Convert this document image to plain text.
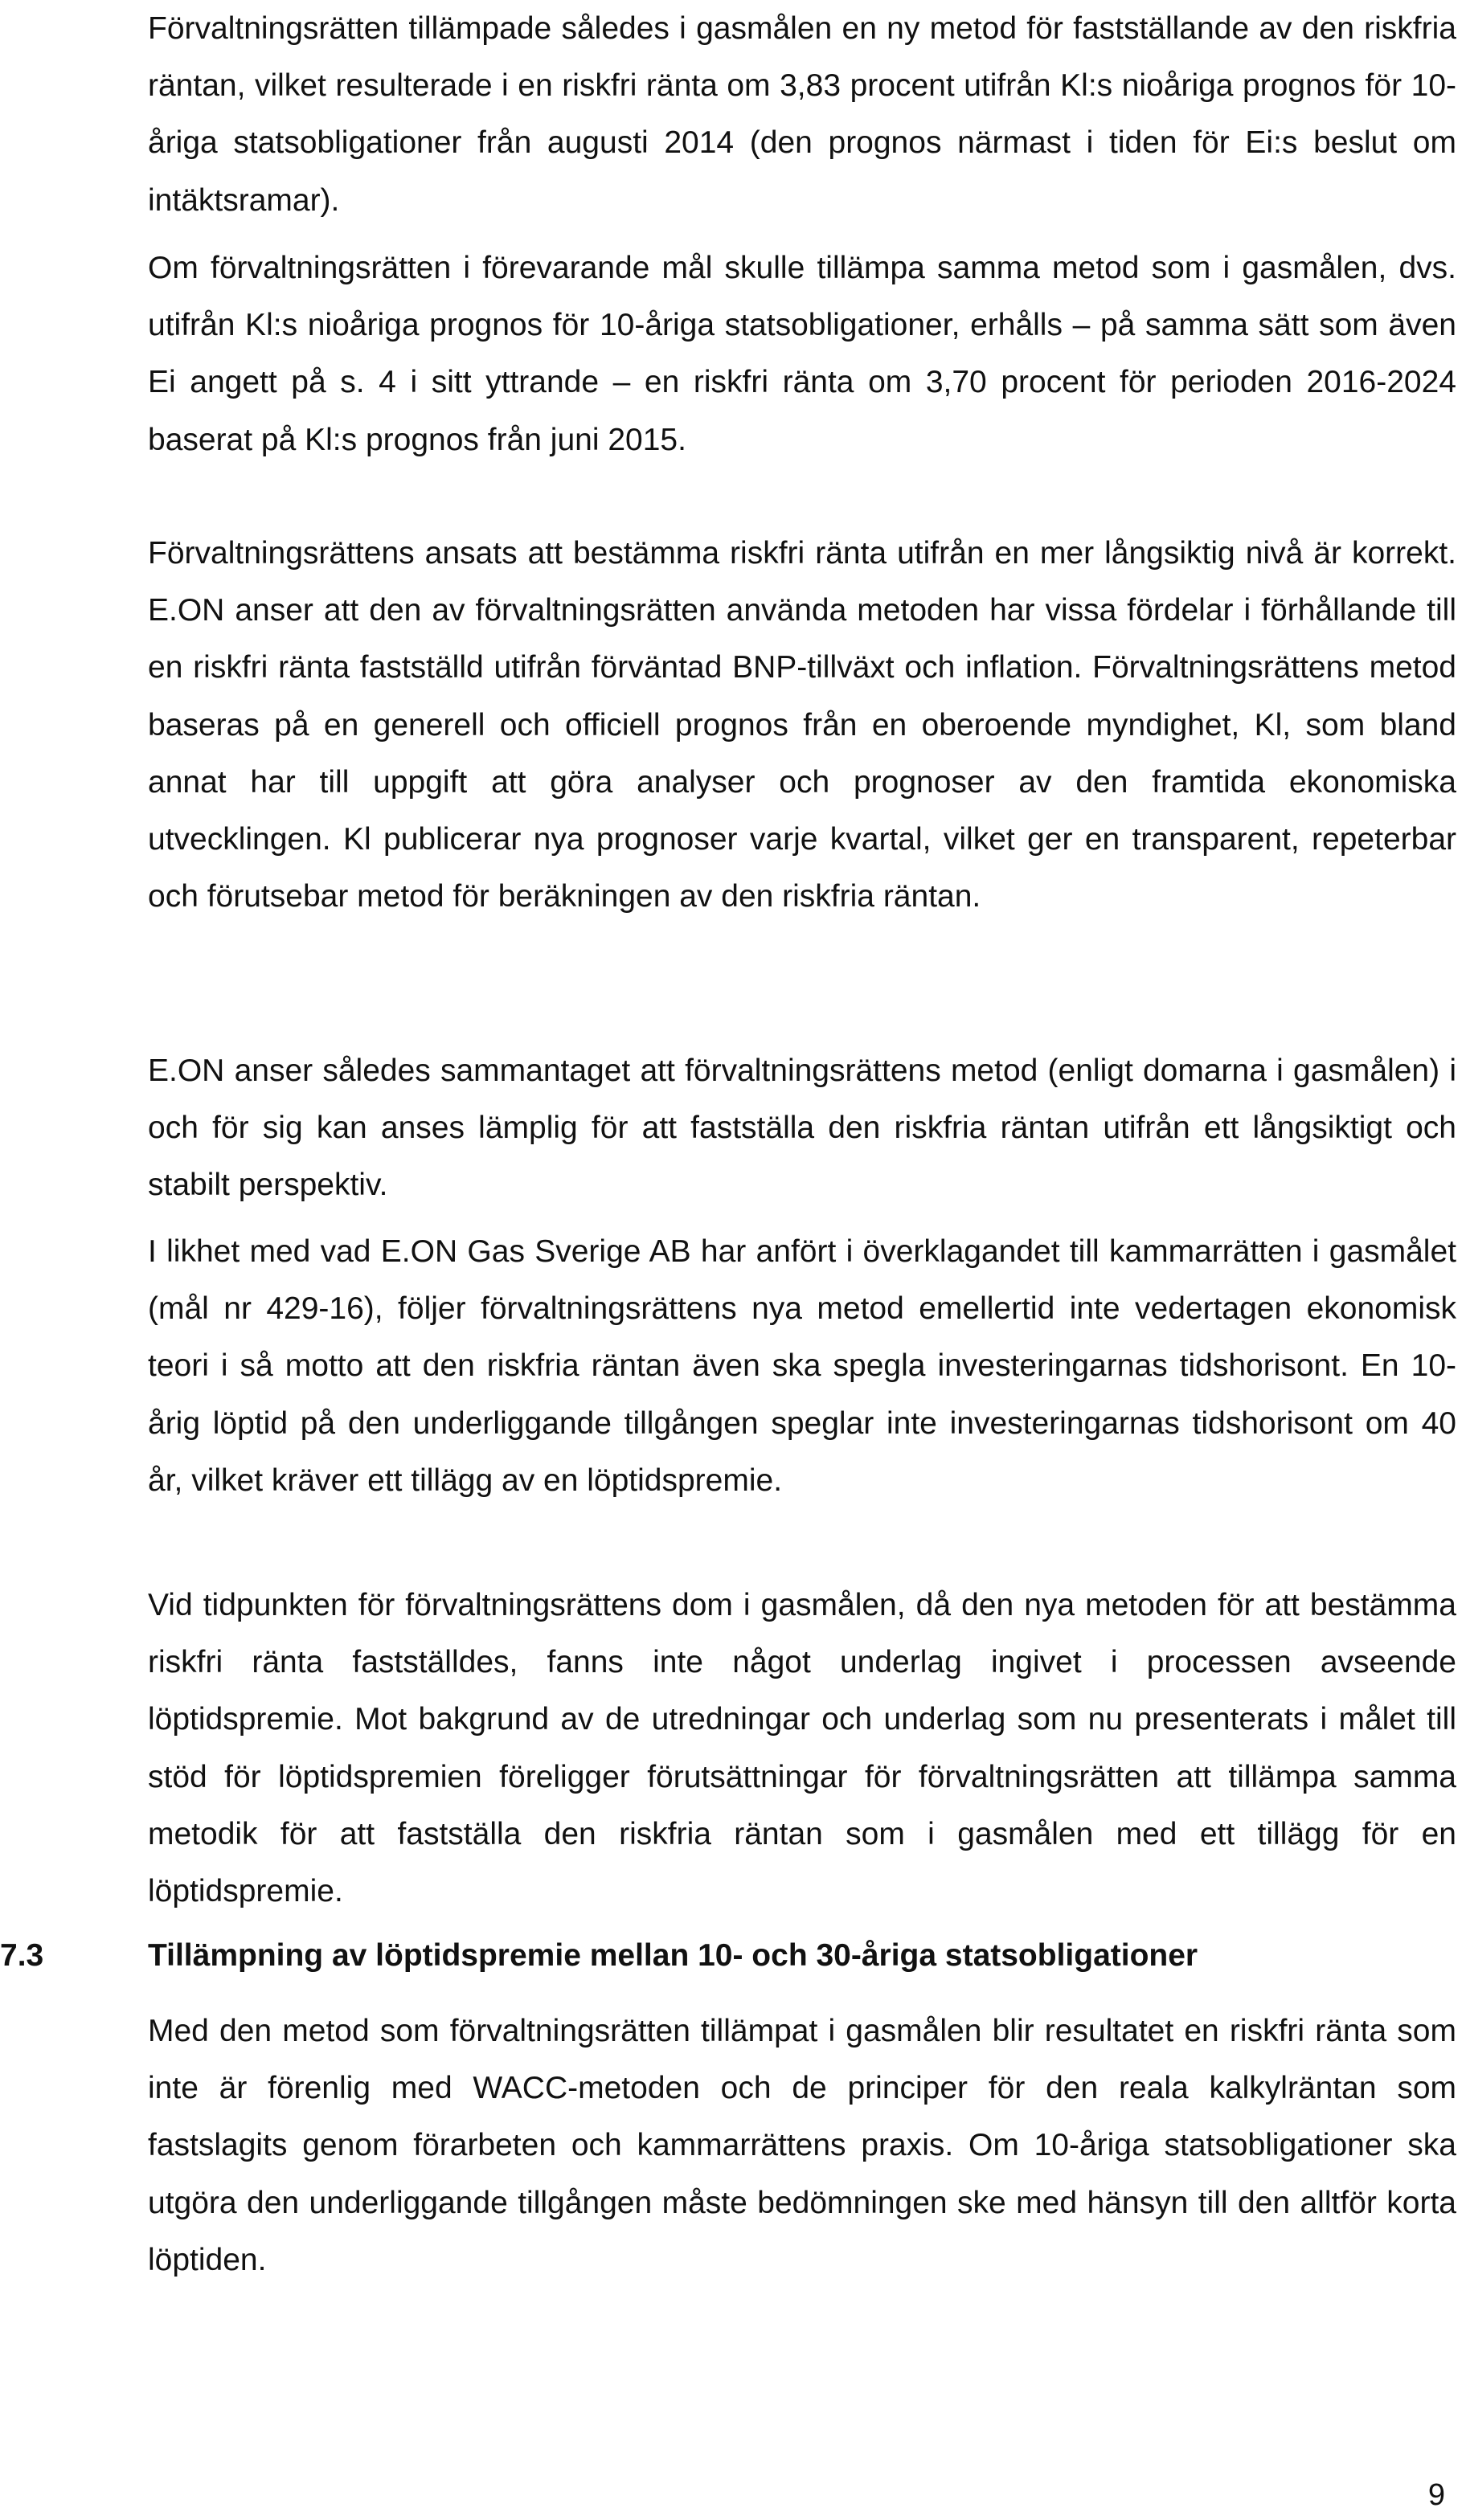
Förvaltningsrätten tillämpade således i gasmålen en ny metod för fastställande av den riskfria räntan, vilket resulterade i en riskfri ränta om 3,83 procent utifrån Kl:s nioåriga prognos för 10-åriga statsobligationer från augusti 2014 (den prognos närmast i tiden för Ei:s beslut om intäktsramar).

Om förvaltningsrätten i förevarande mål skulle tillämpa samma metod som i gasmålen, dvs. utifrån Kl:s nioåriga prognos för 10-åriga statsobligationer, erhålls – på samma sätt som även Ei angett på s. 4 i sitt yttrande – en riskfri ränta om 3,70 procent för perioden 2016-2024 baserat på Kl:s prognos från juni 2015.

Förvaltningsrättens ansats att bestämma riskfri ränta utifrån en mer långsiktig nivå är korrekt. E.ON anser att den av förvaltningsrätten använda metoden har vissa fördelar i förhållande till en riskfri ränta fastställd utifrån förväntad BNP-tillväxt och inflation. Förvaltningsrättens metod baseras på en generell och officiell prognos från en oberoende myndighet, Kl, som bland annat har till uppgift att göra analyser och prognoser av den framtida ekonomiska utvecklingen. Kl publicerar nya prognoser varje kvartal, vilket ger en transparent, repeterbar och förutsebar metod för beräkningen av den riskfria räntan.

E.ON anser således sammantaget att förvaltningsrättens metod (enligt domarna i gasmålen) i och för sig kan anses lämplig för att fastställa den riskfria räntan utifrån ett långsiktigt och stabilt perspektiv.

I likhet med vad E.ON Gas Sverige AB har anfört i överklagandet till kammarrätten i gasmålet (mål nr 429-16), följer förvaltningsrättens nya metod emellertid inte vedertagen ekonomisk teori i så motto att den riskfria räntan även ska spegla investeringarnas tidshorisont. En 10-årig löptid på den underliggande tillgången speglar inte investeringarnas tidshorisont om 40 år, vilket kräver ett tillägg av en löptidspremie.

Vid tidpunkten för förvaltningsrättens dom i gasmålen, då den nya metoden för att bestämma riskfri ränta fastställdes, fanns inte något underlag ingivet i processen avseende löptidspremie. Mot bakgrund av de utredningar och underlag som nu presenterats i målet till stöd för löptidspremien föreligger förutsättningar för förvaltningsrätten att tillämpa samma metodik för att fastställa den riskfria räntan som i gasmålen med ett tillägg för en löptidspremie.

7.3	Tillämpning av löptidspremie mellan 10- och 30-åriga statsobligationer

Med den metod som förvaltningsrätten tillämpat i gasmålen blir resultatet en riskfri ränta som inte är förenlig med WACC-metoden och de principer för den reala kalkylräntan som fastslagits genom förarbeten och kammarrättens praxis. Om 10-åriga statsobligationer ska utgöra den underliggande tillgången måste bedömningen ske med hänsyn till den alltför korta löptiden.

9
